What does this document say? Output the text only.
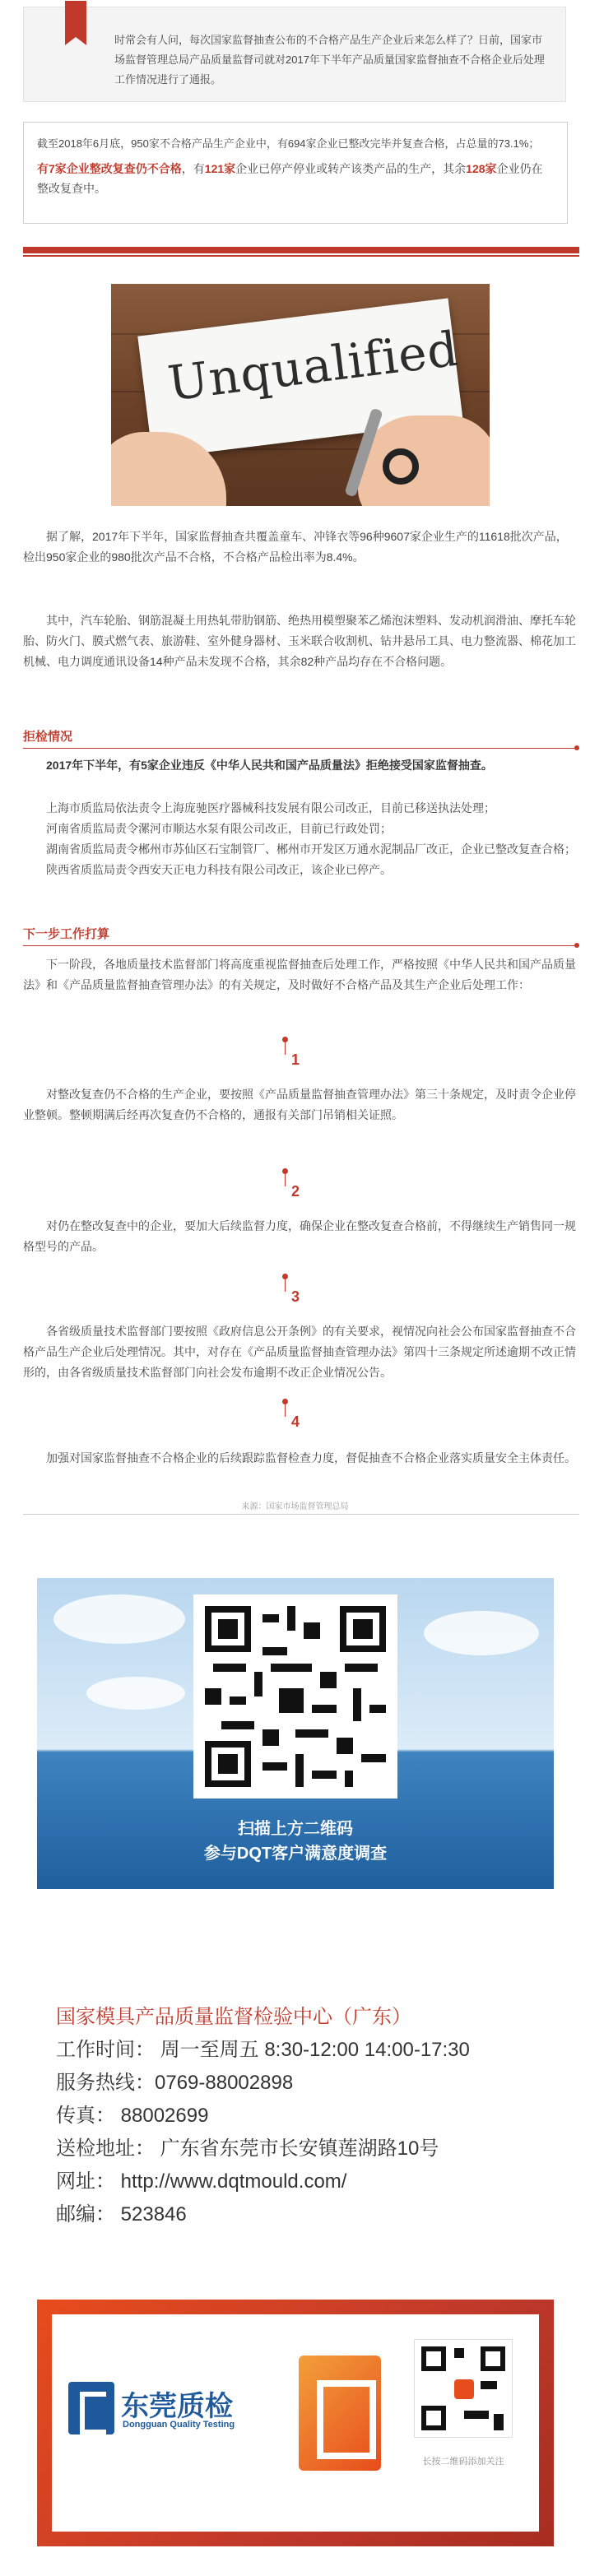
时常会有人问，每次国家监督抽查公布的不合格产品生产企业后来怎么样了？日前，国家市场监督管理总局产品质量监督司就对2017年下半年产品质量国家监督抽查不合格企业后处理工作情况进行了通报。

截至2018年6月底，950家不合格产品生产企业中，有694家企业已整改完毕并复查合格，占总量的73.1%；

有7家企业整改复查仍不合格，有121家企业已停产停业或转产该类产品的生产，其余128家企业仍在整改复查中。

Unqualified

据了解，2017年下半年，国家监督抽查共覆盖童车、冲锋衣等96种9607家企业生产的11618批次产品，检出950家企业的980批次产品不合格，不合格产品检出率为8.4%。

其中，汽车轮胎、钢筋混凝土用热轧带肋钢筋、绝热用模塑聚苯乙烯泡沫塑料、发动机润滑油、摩托车轮胎、防火门、膜式燃气表、旅游鞋、室外健身器材、玉米联合收割机、钻井悬吊工具、电力整流器、棉花加工机械、电力调度通讯设备14种产品未发现不合格，其余82种产品均存在不合格问题。

拒检情况

2017年下半年，有5家企业违反《中华人民共和国产品质量法》拒绝接受国家监督抽查。

上海市质监局依法责令上海庞驰医疗器械科技发展有限公司改正，目前已移送执法处理；

河南省质监局责令漯河市顺达水泵有限公司改正，目前已行政处罚；

湖南省质监局责令郴州市苏仙区石宝制管厂、郴州市开发区万通水泥制品厂改正，企业已整改复查合格；

陕西省质监局责令西安天正电力科技有限公司改正，该企业已停产。

下一步工作打算

下一阶段，各地质量技术监督部门将高度重视监督抽查后处理工作，严格按照《中华人民共和国产品质量法》和《产品质量监督抽查管理办法》的有关规定，及时做好不合格产品及其生产企业后处理工作：

1

对整改复查仍不合格的生产企业，要按照《产品质量监督抽查管理办法》第三十条规定，及时责令企业停业整顿。整顿期满后经再次复查仍不合格的，通报有关部门吊销相关证照。

2

对仍在整改复查中的企业，要加大后续监督力度，确保企业在整改复查合格前，不得继续生产销售同一规格型号的产品。

3

各省级质量技术监督部门要按照《政府信息公开条例》的有关要求，视情况向社会公布国家监督抽查不合格产品生产企业后处理情况。其中，对存在《产品质量监督抽查管理办法》第四十三条规定所述逾期不改正情形的，由各省级质量技术监督部门向社会发布逾期不改正企业情况公告。

4

加强对国家监督抽查不合格企业的后续跟踪监督检查力度，督促抽查不合格企业落实质量安全主体责任。

来源：国家市场监督管理总局
扫描上方二维码
参与DQT客户满意度调查
国家模具产品质量监督检验中心（广东）
工作时间： 周一至周五 8:30-12:00 14:00-17:30
服务热线：0769-88002898
传真： 88002699
送检地址： 广东省东莞市长安镇莲湖路10号
网址： http://www.dqtmould.com/
邮编： 523846
东莞质检
Dongguan Quality Testing
长按二维码添加关注
